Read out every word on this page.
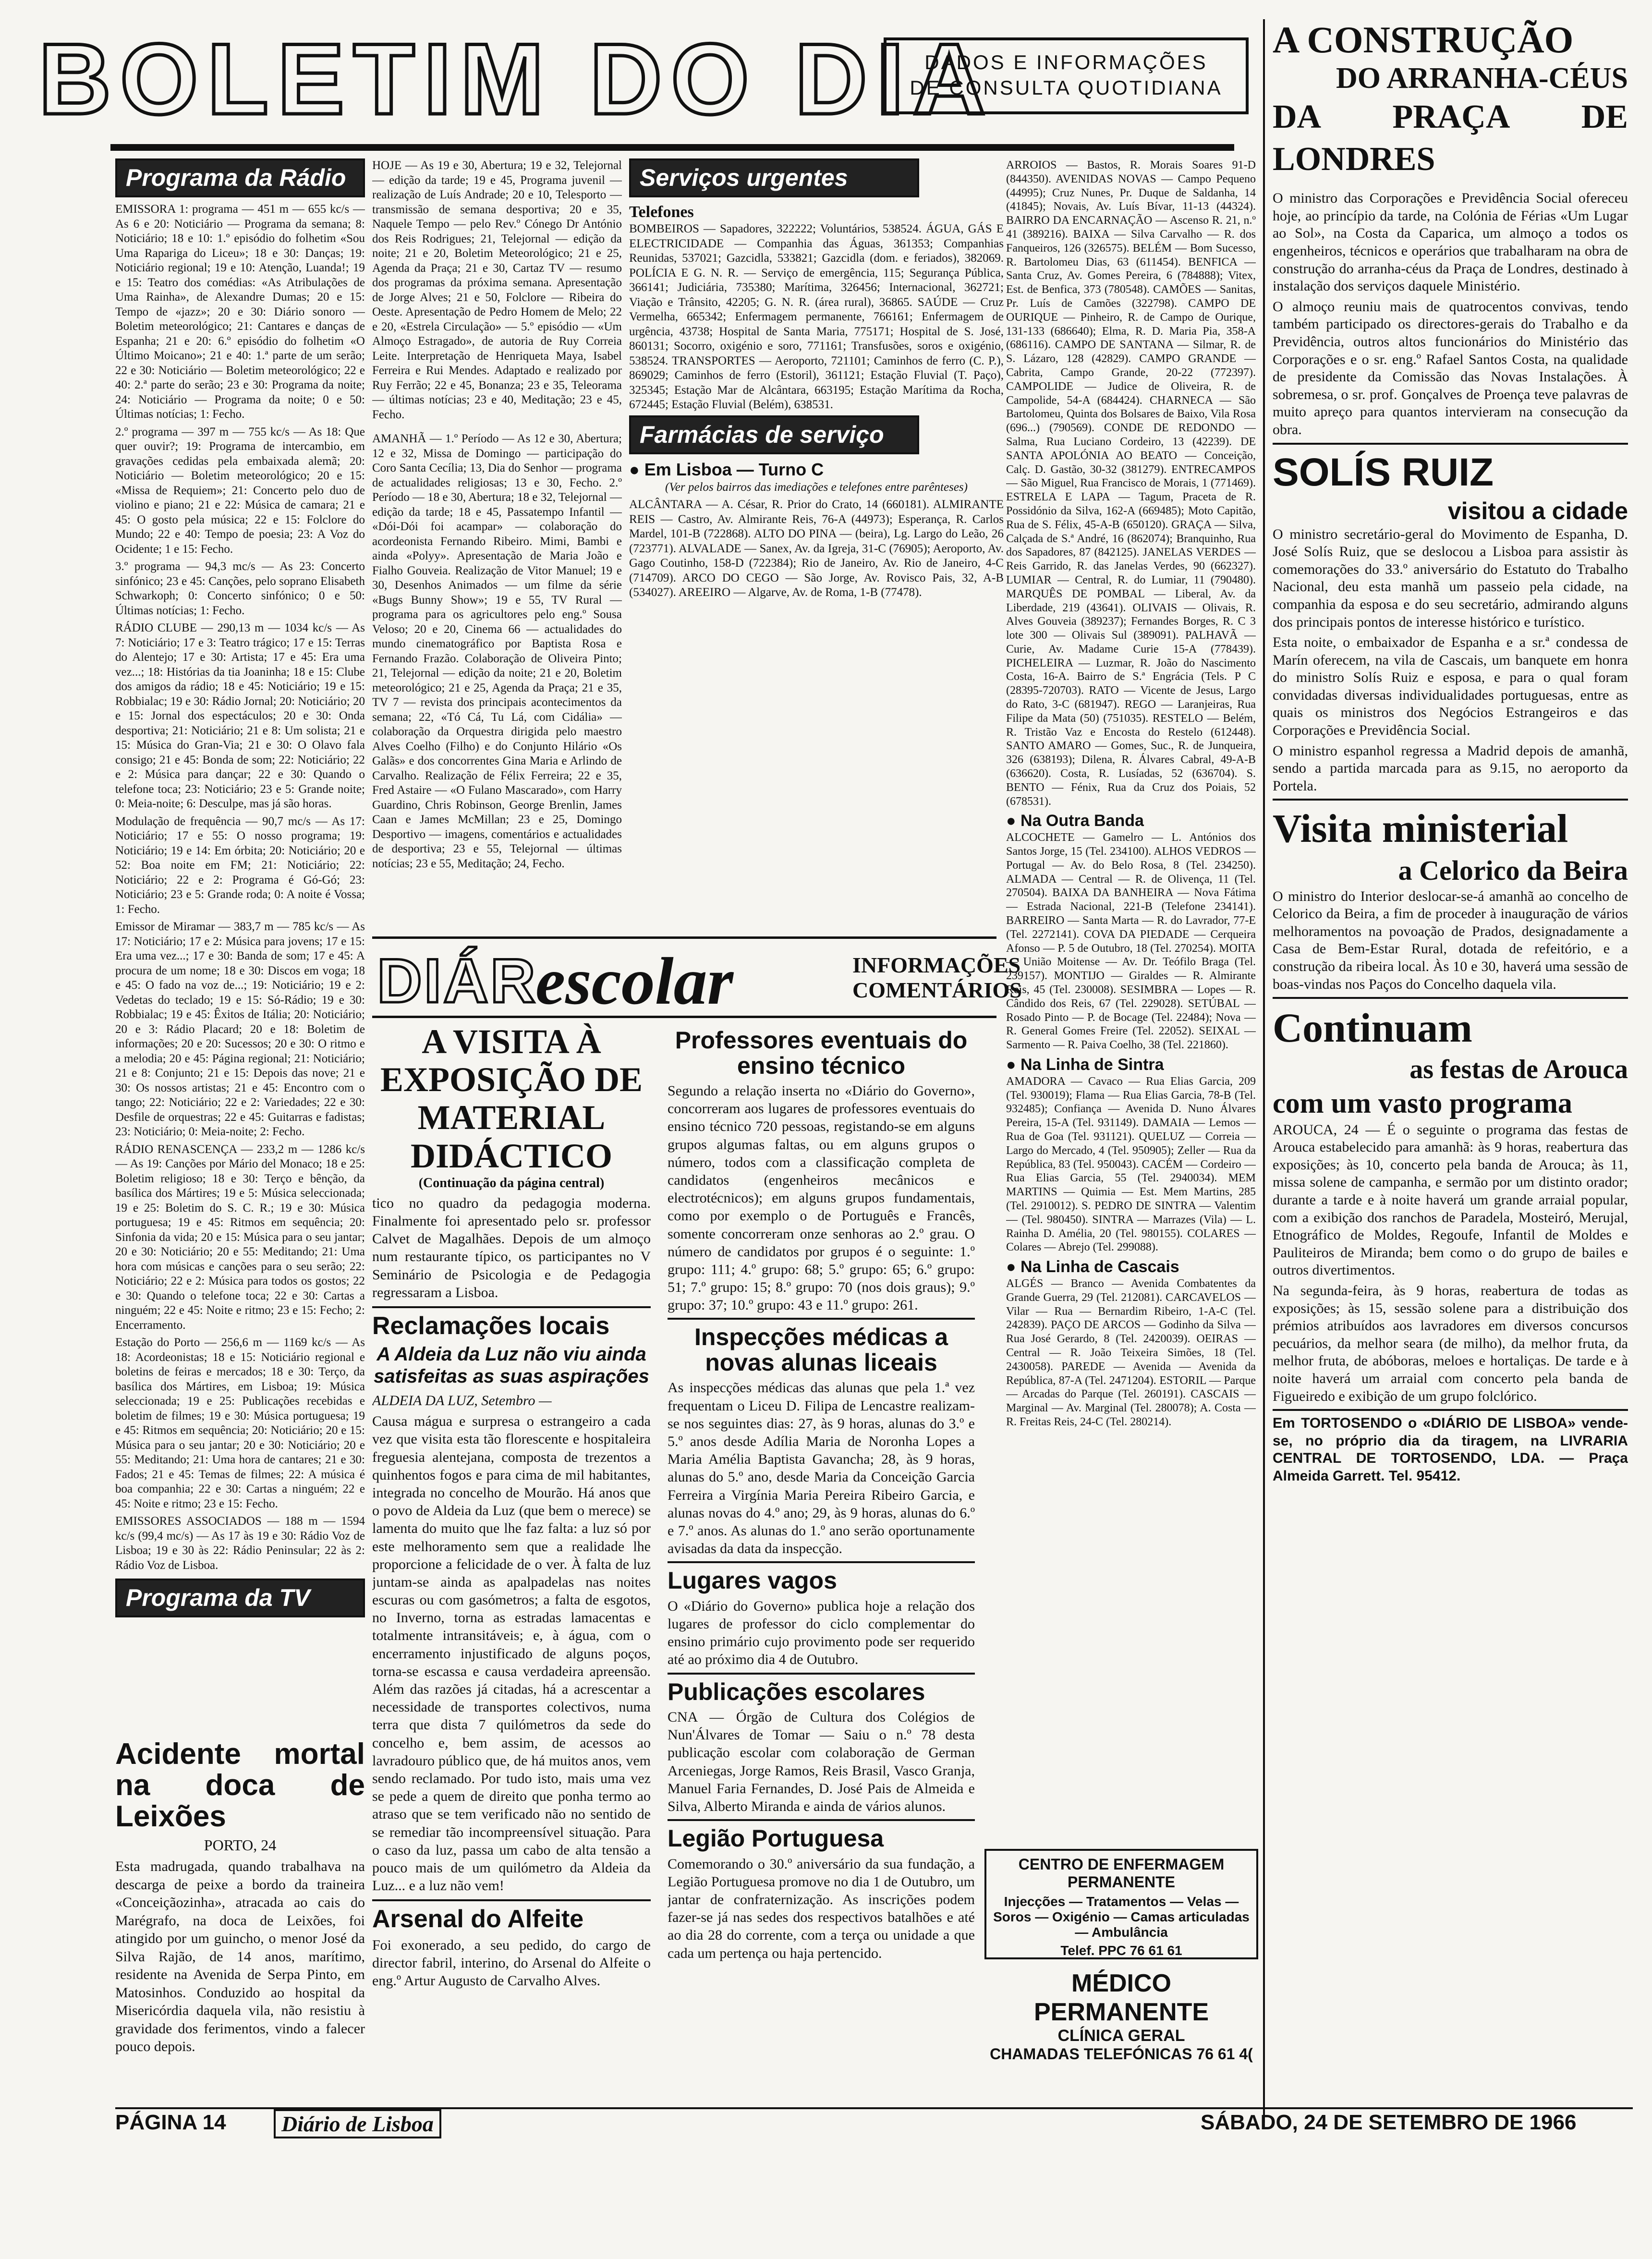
BOLETIM DO DIA
DADOS E INFORMAÇÕES
DE CONSULTA QUOTIDIANA
Programa da Rádio

EMISSORA 1: programa — 451 m — 655 kc/s — As 6 e 20: Noticiário — Programa da semana; 8: Noticiário; 18 e 10: 1.º episódio do folhetim «Sou Uma Rapariga do Liceu»; 18 e 30: Danças; 19: Noticiário regional; 19 e 10: Atenção, Luanda!; 19 e 15: Teatro dos comédias: «As Atribulações de Uma Rainha», de Alexandre Dumas; 20 e 15: Tempo de «jazz»; 20 e 30: Diário sonoro — Boletim meteorológico; 21: Cantares e danças de Espanha; 21 e 20: 6.º episódio do folhetim «O Último Moicano»; 21 e 40: 1.ª parte de um serão; 22 e 30: Noticiário — Boletim meteorológico; 22 e 40: 2.ª parte do serão; 23 e 30: Programa da noite; 24: Noticiário — Programa da noite; 0 e 50: Últimas notícias; 1: Fecho.

2.º programa — 397 m — 755 kc/s — As 18: Que quer ouvir?; 19: Programa de intercambio, em gravações cedidas pela embaixada alemã; 20: Noticiário — Boletim meteorológico; 20 e 15: «Missa de Requiem»; 21: Concerto pelo duo de violino e piano; 21 e 22: Música de camara; 21 e 45: O gosto pela música; 22 e 15: Folclore do Mundo; 22 e 40: Tempo de poesia; 23: A Voz do Ocidente; 1 e 15: Fecho.

3.º programa — 94,3 mc/s — As 23: Concerto sinfónico; 23 e 45: Canções, pelo soprano Elisabeth Schwarkoph; 0: Concerto sinfónico; 0 e 50: Últimas notícias; 1: Fecho.

RÁDIO CLUBE — 290,13 m — 1034 kc/s — As 7: Noticiário; 17 e 3: Teatro trágico; 17 e 15: Terras do Alentejo; 17 e 30: Artista; 17 e 45: Era uma vez...; 18: Histórias da tia Joaninha; 18 e 15: Clube dos amigos da rádio; 18 e 45: Noticiário; 19 e 15: Robbialac; 19 e 30: Rádio Jornal; 20: Noticiário; 20 e 15: Jornal dos espectáculos; 20 e 30: Onda desportiva; 21: Noticiário; 21 e 8: Um solista; 21 e 15: Música do Gran-Via; 21 e 30: O Olavo fala consigo; 21 e 45: Bonda de som; 22: Noticiário; 22 e 2: Música para dançar; 22 e 30: Quando o telefone toca; 23: Noticiário; 23 e 5: Grande noite; 0: Meia-noite; 6: Desculpe, mas já são horas.

Modulação de frequência — 90,7 mc/s — As 17: Noticiário; 17 e 55: O nosso programa; 19: Noticiário; 19 e 14: Em órbita; 20: Noticiário; 20 e 52: Boa noite em FM; 21: Noticiário; 22: Noticiário; 22 e 2: Programa é Gó-Gó; 23: Noticiário; 23 e 5: Grande roda; 0: A noite é Vossa; 1: Fecho.

Emissor de Miramar — 383,7 m — 785 kc/s — As 17: Noticiário; 17 e 2: Música para jovens; 17 e 15: Era uma vez...; 17 e 30: Banda de som; 17 e 45: A procura de um nome; 18 e 30: Discos em voga; 18 e 45: O fado na voz de...; 19: Noticiário; 19 e 2: Vedetas do teclado; 19 e 15: Só-Rádio; 19 e 30: Robbialac; 19 e 45: Êxitos de Itália; 20: Noticiário; 20 e 3: Rádio Placard; 20 e 18: Boletim de informações; 20 e 20: Sucessos; 20 e 30: O ritmo e a melodia; 20 e 45: Página regional; 21: Noticiário; 21 e 8: Conjunto; 21 e 15: Depois das nove; 21 e 30: Os nossos artistas; 21 e 45: Encontro com o tango; 22: Noticiário; 22 e 2: Variedades; 22 e 30: Desfile de orquestras; 22 e 45: Guitarras e fadistas; 23: Noticiário; 0: Meia-noite; 2: Fecho.

RÁDIO RENASCENÇA — 233,2 m — 1286 kc/s — As 19: Canções por Mário del Monaco; 18 e 25: Boletim religioso; 18 e 30: Terço e bênção, da basílica dos Mártires; 19 e 5: Música seleccionada; 19 e 25: Boletim do S. C. R.; 19 e 30: Música portuguesa; 19 e 45: Ritmos em sequência; 20: Sinfonia da vida; 20 e 15: Música para o seu jantar; 20 e 30: Noticiário; 20 e 55: Meditando; 21: Uma hora com músicas e canções para o seu serão; 22: Noticiário; 22 e 2: Música para todos os gostos; 22 e 30: Quando o telefone toca; 22 e 30: Cartas a ninguém; 22 e 45: Noite e ritmo; 23 e 15: Fecho; 2: Encerramento.

Estação do Porto — 256,6 m — 1169 kc/s — As 18: Acordeonistas; 18 e 15: Noticiário regional e boletins de feiras e mercados; 18 e 30: Terço, da basílica dos Mártires, em Lisboa; 19: Música seleccionada; 19 e 25: Publicações recebidas e boletim de filmes; 19 e 30: Música portuguesa; 19 e 45: Ritmos em sequência; 20: Noticiário; 20 e 15: Música para o seu jantar; 20 e 30: Noticiário; 20 e 55: Meditando; 21: Uma hora de cantares; 21 e 30: Fados; 21 e 45: Temas de filmes; 22: A música é boa companhia; 22 e 30: Cartas a ninguém; 22 e 45: Noite e ritmo; 23 e 15: Fecho.

EMISSORES ASSOCIADOS — 188 m — 1594 kc/s (99,4 mc/s) — As 17 às 19 e 30: Rádio Voz de Lisboa; 19 e 30 às 22: Rádio Peninsular; 22 às 2: Rádio Voz de Lisboa.

Programa da TV

HOJE — As 19 e 30, Abertura; 19 e 32, Telejornal — edição da tarde; 19 e 45, Programa juvenil — realização de Luís Andrade; 20 e 10, Telesporto — transmissão de semana desportiva; 20 e 35, Naquele Tempo — pelo Rev.º Cónego Dr António dos Reis Rodrigues; 21, Telejornal — edição da noite; 21 e 20, Boletim Meteorológico; 21 e 25, Agenda da Praça; 21 e 30, Cartaz TV — resumo dos programas da próxima semana. Apresentação de Jorge Alves; 21 e 50, Folclore — Ribeira do Oeste. Apresentação de Pedro Homem de Melo; 22 e 20, «Estrela Circulação» — 5.º episódio — «Um Almoço Estragado», de autoria de Ruy Correia Leite. Interpretação de Henriqueta Maya, Isabel Ferreira e Rui Mendes. Adaptado e realizado por Ruy Ferrão; 22 e 45, Bonanza; 23 e 35, Teleorama — últimas notícias; 23 e 40, Meditação; 23 e 45, Fecho.

AMANHÃ — 1.º Período — As 12 e 30, Abertura; 12 e 32, Missa de Domingo — participação do Coro Santa Cecília; 13, Dia do Senhor — programa de actualidades religiosas; 13 e 30, Fecho. 2.º Período — 18 e 30, Abertura; 18 e 32, Telejornal — edição da tarde; 18 e 45, Passatempo Infantil — «Dói-Dói foi acampar» — colaboração do acordeonista Fernando Ribeiro. Mimi, Bambi e ainda «Polyy». Apresentação de Maria João e Fialho Gouveia. Realização de Vitor Manuel; 19 e 30, Desenhos Animados — um filme da série «Bugs Bunny Show»; 19 e 55, TV Rural — programa para os agricultores pelo eng.º Sousa Veloso; 20 e 20, Cinema 66 — actualidades do mundo cinematográfico por Baptista Rosa e Fernando Frazão. Colaboração de Oliveira Pinto; 21, Telejornal — edição da noite; 21 e 20, Boletim meteorológico; 21 e 25, Agenda da Praça; 21 e 35, TV 7 — revista dos principais acontecimentos da semana; 22, «Tó Cá, Tu Lá, com Cidália» — colaboração da Orquestra dirigida pelo maestro Alves Coelho (Filho) e do Conjunto Hilário «Os Galãs» e dos concorrentes Gina Maria e Arlindo de Carvalho. Realização de Félix Ferreira; 22 e 35, Fred Astaire — «O Fulano Mascarado», com Harry Guardino, Chris Robinson, George Brenlin, James Caan e James McMillan; 23 e 25, Domingo Desportivo — imagens, comentários e actualidades de desportiva; 23 e 55, Telejornal — últimas notícias; 23 e 55, Meditação; 24, Fecho.

Acidente mortal na doca de Leixões

PORTO, 24

Esta madrugada, quando trabalhava na descarga de peixe a bordo da traineira «Conceiçãozinha», atracada ao cais do Marégrafo, na doca de Leixões, foi atingido por um guincho, o menor José da Silva Rajão, de 14 anos, marítimo, residente na Avenida de Serpa Pinto, em Matosinhos. Conduzido ao hospital da Misericórdia daquela vila, não resistiu à gravidade dos ferimentos, vindo a falecer pouco depois.

Serviços urgentes
Telefones

BOMBEIROS — Sapadores, 322222; Voluntários, 538524. ÁGUA, GÁS E ELECTRICIDADE — Companhia das Águas, 361353; Companhias Reunidas, 537021; Gazcidla, 533821; Gazcidla (dom. e feriados), 382069. POLÍCIA E G. N. R. — Serviço de emergência, 115; Segurança Pública, 366141; Judiciária, 735380; Marítima, 326456; Internacional, 362721; Viação e Trânsito, 42205; G. N. R. (área rural), 36865. SAÚDE — Cruz Vermelha, 665342; Enfermagem permanente, 766161; Enfermagem de urgência, 43738; Hospital de Santa Maria, 775171; Hospital de S. José, 860131; Socorro, oxigénio e soro, 771161; Transfusões, soros e oxigénio, 538524. TRANSPORTES — Aeroporto, 721101; Caminhos de ferro (C. P.), 869029; Caminhos de ferro (Estoril), 361121; Estação Fluvial (T. Paço), 325345; Estação Mar de Alcântara, 663195; Estação Marítima da Rocha, 672445; Estação Fluvial (Belém), 638531.

Farmácias de serviço
● Em Lisboa — Turno C

(Ver pelos bairros das imediações e telefones entre parênteses)

ALCÂNTARA — A. César, R. Prior do Crato, 14 (660181). ALMIRANTE REIS — Castro, Av. Almirante Reis, 76-A (44973); Esperança, R. Carlos Mardel, 101-B (722868). ALTO DO PINA — (beira), Lg. Largo do Leão, 26 (723771). ALVALADE — Sanex, Av. da Igreja, 31-C (76905); Aeroporto, Av. Gago Coutinho, 158-D (722384); Rio de Janeiro, Av. Rio de Janeiro, 4-C (714709). ARCO DO CEGO — São Jorge, Av. Rovisco Pais, 32, A-B (534027). AREEIRO — Algarve, Av. de Roma, 1-B (77478).

ARROIOS — Bastos, R. Morais Soares 91-D (844350). AVENIDAS NOVAS — Campo Pequeno (44995); Cruz Nunes, Pr. Duque de Saldanha, 14 (41845); Novais, Av. Luís Bívar, 11-13 (44324). BAIRRO DA ENCARNAÇÃO — Ascenso R. 21, n.º 41 (389216). BAIXA — Silva Carvalho — R. dos Fanqueiros, 126 (326575). BELÉM — Bom Sucesso, R. Bartolomeu Dias, 63 (611454). BENFICA — Santa Cruz, Av. Gomes Pereira, 6 (784888); Vitex, Est. de Benfica, 373 (780548). CAMÕES — Sanitas, Pr. Luís de Camões (322798). CAMPO DE OURIQUE — Pinheiro, R. de Campo de Ourique, 131-133 (686640); Elma, R. D. Maria Pia, 358-A (686116). CAMPO DE SANTANA — Silmar, R. de S. Lázaro, 128 (42829). CAMPO GRANDE — Cabrita, Campo Grande, 20-22 (772397). CAMPOLIDE — Judice de Oliveira, R. de Campolide, 54-A (684424). CHARNECA — São Bartolomeu, Quinta dos Bolsares de Baixo, Vila Rosa (696...) (790569). CONDE DE REDONDO — Salma, Rua Luciano Cordeiro, 13 (42239). DE SANTA APOLÓNIA AO BEATO — Conceição, Calç. D. Gastão, 30-32 (381279). ENTRECAMPOS — São Miguel, Rua Francisco de Morais, 1 (771469). ESTRELA E LAPA — Tagum, Praceta de R. Possidónio da Silva, 162-A (669485); Moto Capitão, Rua de S. Félix, 45-A-B (650120). GRAÇA — Silva, Calçada de S.ª André, 16 (862074); Branquinho, Rua dos Sapadores, 87 (842125). JANELAS VERDES — Reis Garrido, R. das Janelas Verdes, 90 (662327). LUMIAR — Central, R. do Lumiar, 11 (790480). MARQUÊS DE POMBAL — Liberal, Av. da Liberdade, 219 (43641). OLIVAIS — Olivais, R. Alves Gouveia (389237); Fernandes Borges, R. C 3 lote 300 — Olivais Sul (389091). PALHAVÃ — Curie, Av. Madame Curie 15-A (778439). PICHELEIRA — Luzmar, R. João do Nascimento Costa, 16-A. Bairro de S.ª Engrácia (Tels. P C (28395-720703). RATO — Vicente de Jesus, Largo do Rato, 3-C (681947). REGO — Laranjeiras, Rua Filipe da Mata (50) (751035). RESTELO — Belém, R. Tristão Vaz e Encosta do Restelo (612448). SANTO AMARO — Gomes, Suc., R. de Junqueira, 326 (638193); Dilena, R. Álvares Cabral, 49-A-B (636620). Costa, R. Lusíadas, 52 (636704). S. BENTO — Fénix, Rua da Cruz dos Poiais, 52 (678531).

● Na Outra Banda

ALCOCHETE — Gamelro — L. Antónios dos Santos Jorge, 15 (Tel. 234100). ALHOS VEDROS — Portugal — Av. do Belo Rosa, 8 (Tel. 234250). ALMADA — Central — R. de Olivença, 11 (Tel. 270504). BAIXA DA BANHEIRA — Nova Fátima — Estrada Nacional, 221-B (Telefone 234141). BARREIRO — Santa Marta — R. do Lavrador, 77-E (Tel. 2272141). COVA DA PIEDADE — Cerqueira Afonso — P. 5 de Outubro, 18 (Tel. 270254). MOITA — União Moitense — Av. Dr. Teófilo Braga (Tel. 239157). MONTIJO — Giraldes — R. Almirante Reis, 45 (Tel. 230008). SESIMBRA — Lopes — R. Cândido dos Reis, 67 (Tel. 229028). SETÚBAL — Rosado Pinto — P. de Bocage (Tel. 22484); Nova — R. General Gomes Freire (Tel. 22052). SEIXAL — Sarmento — R. Paiva Coelho, 38 (Tel. 221860).

● Na Linha de Sintra

AMADORA — Cavaco — Rua Elias Garcia, 209 (Tel. 930019); Flama — Rua Elias Garcia, 78-B (Tel. 932485); Confiança — Avenida D. Nuno Álvares Pereira, 15-A (Tel. 931149). DAMAIA — Lemos — Rua de Goa (Tel. 931121). QUELUZ — Correia — Largo do Mercado, 4 (Tel. 950905); Zeller — Rua da República, 83 (Tel. 950043). CACÉM — Cordeiro — Rua Elias Garcia, 55 (Tel. 2940034). MEM MARTINS — Quimia — Est. Mem Martins, 285 (Tel. 2910012). S. PEDRO DE SINTRA — Valentim — (Tel. 980450). SINTRA — Marrazes (Vila) — L. Rainha D. Amélia, 20 (Tel. 980155). COLARES — Colares — Abrejo (Tel. 299088).

● Na Linha de Cascais

ALGÉS — Branco — Avenida Combatentes da Grande Guerra, 29 (Tel. 212081). CARCAVELOS — Vilar — Rua — Bernardim Ribeiro, 1-A-C (Tel. 242839). PAÇO DE ARCOS — Godinho da Silva — Rua José Gerardo, 8 (Tel. 2420039). OEIRAS — Central — R. João Teixeira Simões, 18 (Tel. 2430058). PAREDE — Avenida — Avenida da República, 87-A (Tel. 2471204). ESTORIL — Parque — Arcadas do Parque (Tel. 260191). CASCAIS — Marginal — Av. Marginal (Tel. 280078); A. Costa — R. Freitas Reis, 24-C (Tel. 280214).

CENTRO DE ENFERMAGEM PERMANENTE
Injecções — Tratamentos — Velas — Soros — Oxigénio — Camas articuladas — Ambulância
Telef. PPC 76 61 61
MÉDICO PERMANENTE
CLÍNICA GERAL
CHAMADAS TELEFÓNICAS 76 61 4(
DIÁR
escolar	INFORMAÇÕES
COMENTÁRIOS
A VISITA À EXPOSIÇÃO DE MATERIAL DIDÁCTICO

(Continuação da página central)

tico no quadro da pedagogia moderna. Finalmente foi apresentado pelo sr. professor Calvet de Magalhães. Depois de um almoço num restaurante típico, os participantes no V Seminário de Psicologia e de Pedagogia regressaram a Lisboa.

Reclamações locais
A Aldeia da Luz não viu ainda satisfeitas as suas aspirações

ALDEIA DA LUZ, Setembro —

Causa mágua e surpresa o estrangeiro a cada vez que visita esta tão florescente e hospitaleira freguesia alentejana, composta de trezentos a quinhentos fogos e para cima de mil habitantes, integrada no concelho de Mourão. Há anos que o povo de Aldeia da Luz (que bem o merece) se lamenta do muito que lhe faz falta: a luz só por este melhoramento sem que a realidade lhe proporcione a felicidade de o ver. À falta de luz juntam-se ainda as apalpadelas nas noites escuras ou com gasómetros; a falta de esgotos, no Inverno, torna as estradas lamacentas e totalmente intransitáveis; e, à água, com o encerramento injustificado de alguns poços, torna-se escassa e causa verdadeira apreensão. Além das razões já citadas, há a acrescentar a necessidade de transportes colectivos, numa terra que dista 7 quilómetros da sede do concelho e, bem assim, de acessos ao lavradouro público que, de há muitos anos, vem sendo reclamado. Por tudo isto, mais uma vez se pede a quem de direito que ponha termo ao atraso que se tem verificado não no sentido de se remediar tão incompreensível situação. Para o caso da luz, passa um cabo de alta tensão a pouco mais de um quilómetro da Aldeia da Luz... e a luz não vem!

Arsenal do Alfeite

Foi exonerado, a seu pedido, do cargo de director fabril, interino, do Arsenal do Alfeite o eng.º Artur Augusto de Carvalho Alves.

Professores eventuais do ensino técnico

Segundo a relação inserta no «Diário do Governo», concorreram aos lugares de professores eventuais do ensino técnico 720 pessoas, registando-se em alguns grupos algumas faltas, ou em alguns grupos o número, todos com a classificação completa de candidatos (engenheiros mecânicos e electrotécnicos); em alguns grupos fundamentais, como por exemplo o de Português e Francês, somente concorreram onze senhoras ao 2.º grau. O número de candidatos por grupos é o seguinte: 1.º grupo: 111; 4.º grupo: 68; 5.º grupo: 65; 6.º grupo: 51; 7.º grupo: 15; 8.º grupo: 70 (nos dois graus); 9.º grupo: 37; 10.º grupo: 43 e 11.º grupo: 261.

Inspecções médicas a novas alunas liceais

As inspecções médicas das alunas que pela 1.ª vez frequentam o Liceu D. Filipa de Lencastre realizam-se nos seguintes dias: 27, às 9 horas, alunas do 3.º e 5.º anos desde Adília Maria de Noronha Lopes a Maria Amélia Baptista Gavancha; 28, às 9 horas, alunas do 5.º ano, desde Maria da Conceição Garcia Ferreira a Virgínia Maria Pereira Ribeiro Garcia, e alunas novas do 4.º ano; 29, às 9 horas, alunas do 6.º e 7.º anos. As alunas do 1.º ano serão oportunamente avisadas da data da inspecção.

Lugares vagos

O «Diário do Governo» publica hoje a relação dos lugares de professor do ciclo complementar do ensino primário cujo provimento pode ser requerido até ao próximo dia 4 de Outubro.

Publicações escolares

CNA — Órgão de Cultura dos Colégios de Nun'Álvares de Tomar — Saiu o n.º 78 desta publicação escolar com colaboração de German Arceniegas, Jorge Ramos, Reis Brasil, Vasco Granja, Manuel Faria Fernandes, D. José Pais de Almeida e Silva, Alberto Miranda e ainda de vários alunos.

Legião Portuguesa

Comemorando o 30.º aniversário da sua fundação, a Legião Portuguesa promove no dia 1 de Outubro, um jantar de confraternização. As inscrições podem fazer-se já nas sedes dos respectivos batalhões e até ao dia 28 do corrente, com a terça ou unidade a que cada um pertença ou haja pertencido.

A CONSTRUÇÃO
DO ARRANHA-CÉUS
DA PRAÇA DE LONDRES

O ministro das Corporações e Previdência Social ofereceu hoje, ao princípio da tarde, na Colónia de Férias «Um Lugar ao Sol», na Costa da Caparica, um almoço a todos os engenheiros, técnicos e operários que trabalharam na obra de construção do arranha-céus da Praça de Londres, destinado à instalação dos serviços daquele Ministério.

O almoço reuniu mais de quatrocentos convivas, tendo também participado os directores-gerais do Trabalho e da Previdência, outros altos funcionários do Ministério das Corporações e o sr. eng.º Rafael Santos Costa, na qualidade de presidente da Comissão das Novas Instalações. À sobremesa, o sr. prof. Gonçalves de Proença teve palavras de muito apreço para quantos intervieram na consecução da obra.

SOLÍS RUIZ
visitou a cidade

O ministro secretário-geral do Movimento de Espanha, D. José Solís Ruiz, que se deslocou a Lisboa para assistir às comemorações do 33.º aniversário do Estatuto do Trabalho Nacional, deu esta manhã um passeio pela cidade, na companhia da esposa e do seu secretário, admirando alguns dos principais pontos de interesse histórico e turístico.

Esta noite, o embaixador de Espanha e a sr.ª condessa de Marín oferecem, na vila de Cascais, um banquete em honra do ministro Solís Ruiz e esposa, e para o qual foram convidadas diversas individualidades portuguesas, entre as quais os ministros dos Negócios Estrangeiros e das Corporações e Previdência Social.

O ministro espanhol regressa a Madrid depois de amanhã, sendo a partida marcada para as 9.15, no aeroporto da Portela.

Visita ministerial
a Celorico da Beira

O ministro do Interior deslocar-se-á amanhã ao concelho de Celorico da Beira, a fim de proceder à inauguração de vários melhoramentos na povoação de Prados, designadamente a Casa de Bem-Estar Rural, dotada de refeitório, e a construção da ribeira local. Às 10 e 30, haverá uma sessão de boas-vindas nos Paços do Concelho daquela vila.

Continuam
as festas de Arouca
com um vasto programa

AROUCA, 24 — É o seguinte o programa das festas de Arouca estabelecido para amanhã: às 9 horas, reabertura das exposições; às 10, concerto pela banda de Arouca; às 11, missa solene de campanha, e sermão por um distinto orador; durante a tarde e à noite haverá um grande arraial popular, com a exibição dos ranchos de Paradela, Mosteiró, Merujal, Etnográfico de Moldes, Regoufe, Infantil de Moldes e Pauliteiros de Miranda; bem como o do grupo de bailes e outros divertimentos.

Na segunda-feira, às 9 horas, reabertura de todas as exposições; às 15, sessão solene para a distribuição dos prémios atribuídos aos lavradores em diversos concursos pecuários, da melhor seara (de milho), da melhor fruta, da melhor fruta, de abóboras, meloes e hortaliças. De tarde e à noite haverá um arraial com concerto pela banda de Figueiredo e exibição de um grupo folclórico.

Em TORTOSENDO o «DIÁRIO DE LISBOA» vende-se, no próprio dia da tiragem, na LIVRARIA CENTRAL DE TORTOSENDO, LDA. — Praça Almeida Garrett. Tel. 95412.

PÁGINA 14	Diário de Lisboa	SÁBADO, 24 DE SETEMBRO DE 1966
